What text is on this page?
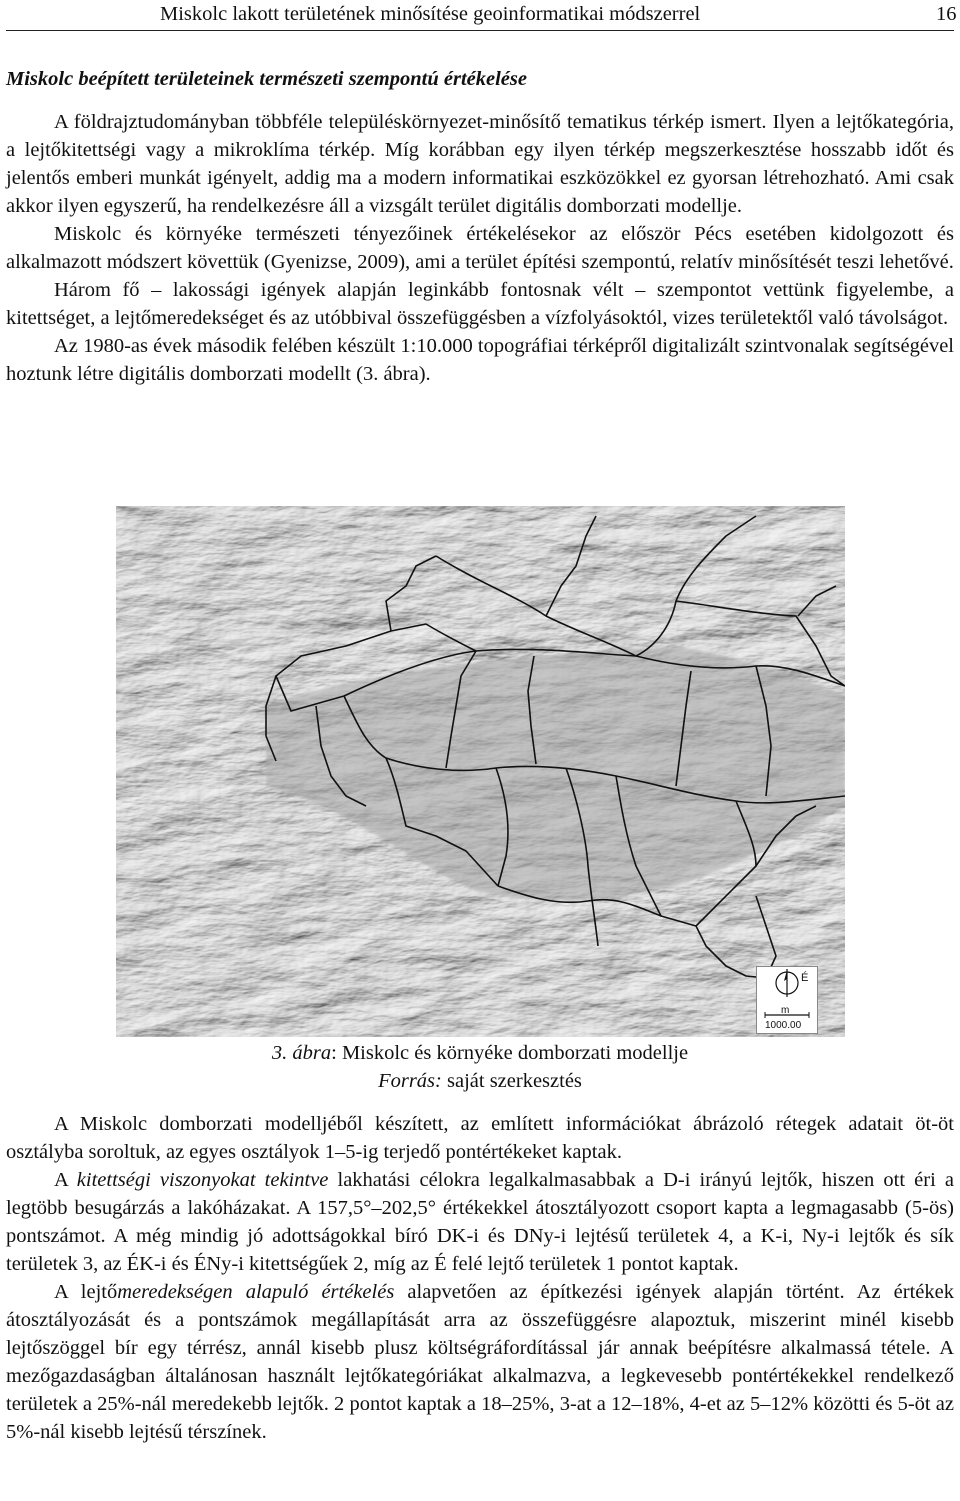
Miskolc lakott területének minősítése geoinformatikai módszerrel	16
Miskolc beépített területeinek természeti szempontú értékelése

A földrajztudományban többféle településkörnyezet-minősítő tematikus térkép ismert. Ilyen a lejtőkategória, a lejtőkitettségi vagy a mikroklíma térkép. Míg korábban egy ilyen térkép megszerkesztése hosszabb időt és jelentős emberi munkát igényelt, addig ma a modern informatikai eszközökkel ez gyorsan létrehozható. Ami csak akkor ilyen egyszerű, ha rendelkezésre áll a vizsgált terület digitális domborzati modellje.

Miskolc és környéke természeti tényezőinek értékelésekor az először Pécs esetében kidolgozott és alkalmazott módszert követtük (Gyenizse, 2009), ami a terület építési szempontú, relatív minősítését teszi lehetővé.

Három fő – lakossági igények alapján leginkább fontosnak vélt – szempontot vettünk figyelembe, a kitettséget, a lejtőmeredekséget és az utóbbival összefüggésben a vízfolyásoktól, vizes területektől való távolságot.

Az 1980-as évek második felében készült 1:10.000 topográfiai térképről digitalizált szintvonalak segítségével hoztunk létre digitális domborzati modellt (3. ábra).

É
m
1000.00
3. ábra: Miskolc és környéke domborzati modellje
Forrás: saját szerkesztés

A Miskolc domborzati modelljéből készített, az említett információkat ábrázoló rétegek adatait öt-öt osztályba soroltuk, az egyes osztályok 1–5-ig terjedő pontértékeket kaptak.

A kitettségi viszonyokat tekintve lakhatási célokra legalkalmasabbak a D-i irányú lejtők, hiszen ott éri a legtöbb besugárzás a lakóházakat. A 157,5°–202,5° értékekkel átosztályozott csoport kapta a legmagasabb (5-ös) pontszámot. A még mindig jó adottságokkal bíró DK-i és DNy-i lejtésű területek 4, a K-i, Ny-i lejtők és sík területek 3, az ÉK-i és ÉNy-i kitettségűek 2, míg az É felé lejtő területek 1 pontot kaptak.

A lejtőmeredekségen alapuló értékelés alapvetően az építkezési igények alapján történt. Az értékek átosztályozását és a pontszámok megállapítását arra az összefüggésre alapoztuk, miszerint minél kisebb lejtőszöggel bír egy térrész, annál kisebb plusz költségráfordítással jár annak beépítésre alkalmassá tétele. A mezőgazdaságban általánosan használt lejtőkategóriákat alkalmazva, a legkevesebb pontértékekkel rendelkező területek a 25%-nál meredekebb lejtők. 2 pontot kaptak a 18–25%, 3-at a 12–18%, 4-et az 5–12% közötti és 5-öt az 5%-nál kisebb lejtésű térszínek.
